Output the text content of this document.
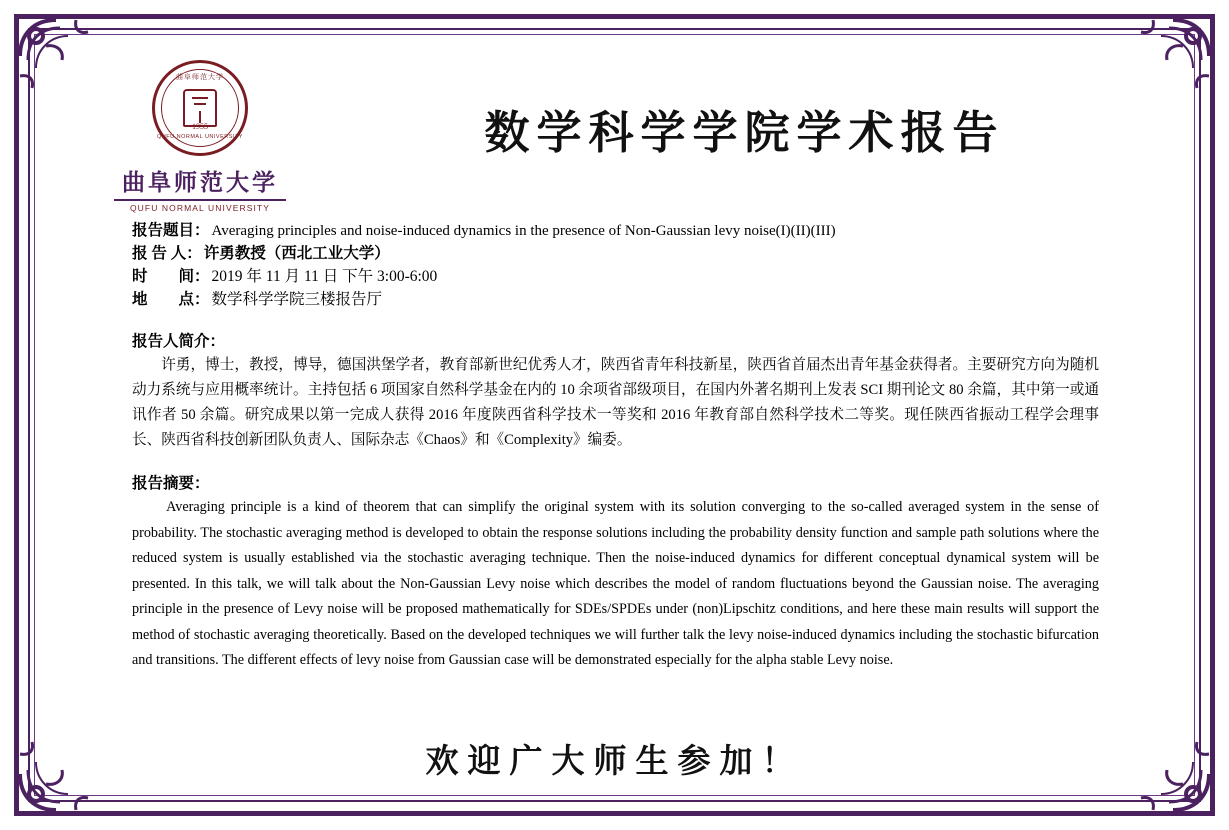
曲阜师范大学
1955
QUFU NORMAL UNIVERSITY
曲阜师范大学
QUFU NORMAL UNIVERSITY
数学科学学院学术报告
报告题目 ： Averaging principles and noise-induced dynamics in the presence of Non-Gaussian levy noise(I)(II)(III)
报 告 人 ： 许勇教授（西北工业大学）
时　　间 ： 2019 年 11 月 11 日 下午 3:00-6:00
地　　点 ： 数学科学学院三楼报告厅
报告人简介：
许勇，博士，教授，博导，德国洪堡学者，教育部新世纪优秀人才，陕西省青年科技新星，陕西省首届杰出青年基金获得者。主要研究方向为随机动力系统与应用概率统计。主持包括 6 项国家自然科学基金在内的 10 余项省部级项目，在国内外著名期刊上发表 SCI 期刊论文 80 余篇，其中第一或通讯作者 50 余篇。研究成果以第一完成人获得 2016 年度陕西省科学技术一等奖和 2016 年教育部自然科学技术二等奖。现任陕西省振动工程学会理事长、陕西省科技创新团队负责人、国际杂志《Chaos》和《Complexity》编委。
报告摘要：
Averaging principle is a kind of theorem that can simplify the original system with its solution converging to the so-called averaged system in the sense of probability. The stochastic averaging method is developed to obtain the response solutions including the probability density function and sample path solutions where the reduced system is usually established via the stochastic averaging technique. Then the noise-induced dynamics for different conceptual dynamical system will be presented. In this talk, we will talk about the Non-Gaussian Levy noise which describes the model of random fluctuations beyond the Gaussian noise. The averaging principle in the presence of Levy noise will be proposed mathematically for SDEs/SPDEs under (non)Lipschitz conditions, and here these main results will support the method of stochastic averaging theoretically. Based on the developed techniques we will further talk the levy noise-induced dynamics including the stochastic bifurcation and transitions. The different effects of levy noise from Gaussian case will be demonstrated especially for the alpha stable Levy noise.
欢迎广大师生参加！
